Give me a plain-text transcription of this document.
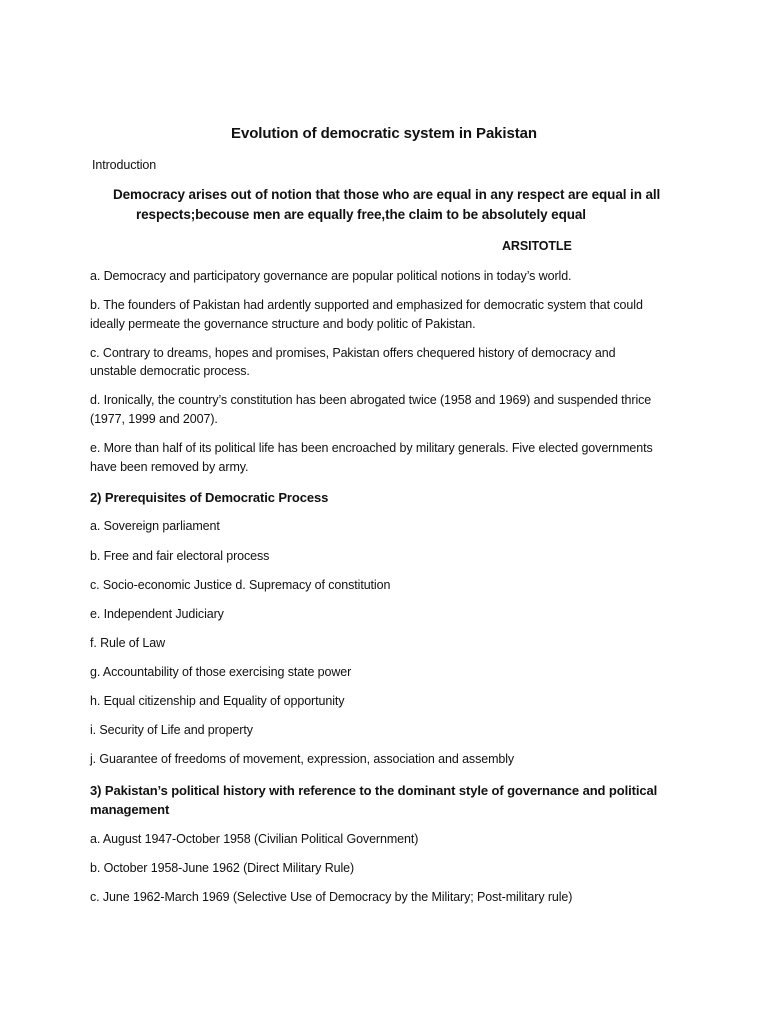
Evolution of democratic system in Pakistan
Introduction
Democracy arises out of notion that those who are equal in any respect are equal in all
respects;becouse men are equally free,the claim to be absolutely equal
ARSITOTLE
a. Democracy and participatory governance are popular political notions in today’s world.
b. The founders of Pakistan had ardently supported and emphasized for democratic system that could
ideally permeate the governance structure and body politic of Pakistan.
c. Contrary to dreams, hopes and promises, Pakistan offers chequered history of democracy and
unstable democratic process.
d. Ironically, the country’s constitution has been abrogated twice (1958 and 1969) and suspended thrice
(1977, 1999 and 2007).
e. More than half of its political life has been encroached by military generals. Five elected governments
have been removed by army.
2) Prerequisites of Democratic Process
a. Sovereign parliament
b. Free and fair electoral process
c. Socio-economic Justice d. Supremacy of constitution
e. Independent Judiciary
f. Rule of Law
g. Accountability of those exercising state power
h. Equal citizenship and Equality of opportunity
i. Security of Life and property
j. Guarantee of freedoms of movement, expression, association and assembly
3) Pakistan’s political history with reference to the dominant style of governance and political
management
a. August 1947-October 1958 (Civilian Political Government)
b. October 1958-June 1962 (Direct Military Rule)
c. June 1962-March 1969 (Selective Use of Democracy by the Military; Post-military rule)
